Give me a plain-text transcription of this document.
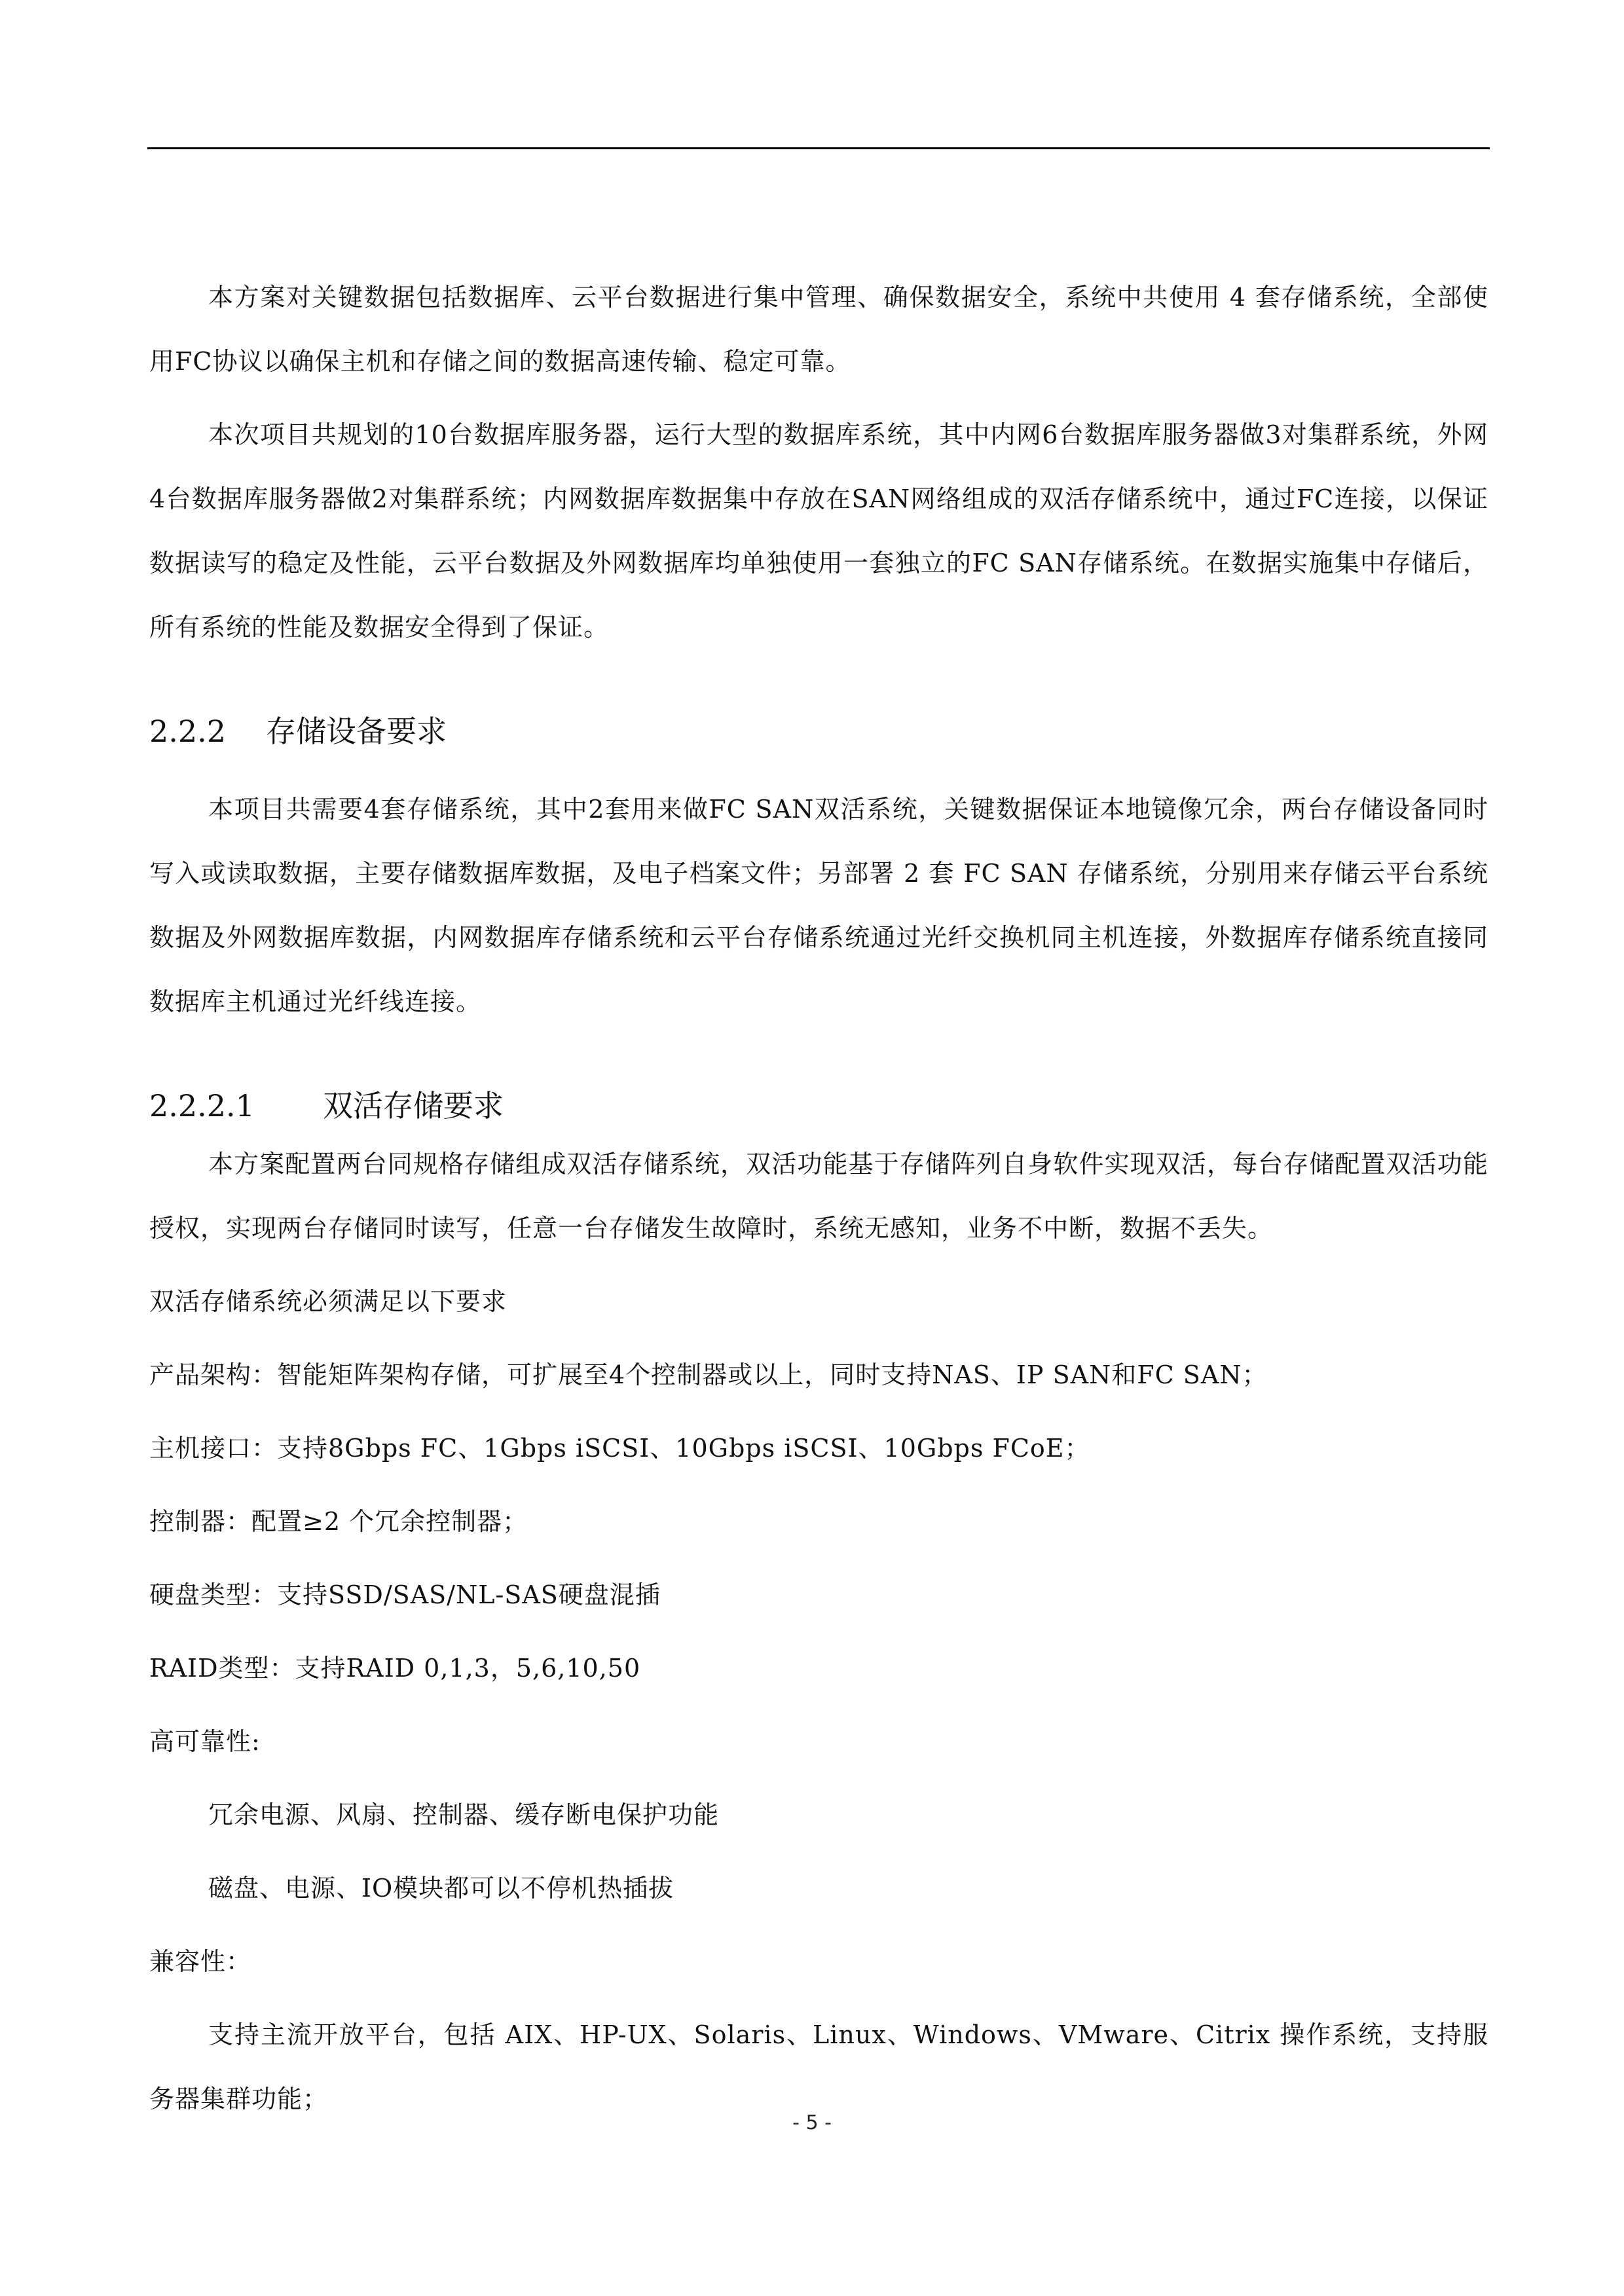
本方案对关键数据包括数据库、云平台数据进行集中管理、确保数据安全，系统中共使用 4 套存储系统，全部使用FC协议以确保主机和存储之间的数据高速传输、稳定可靠。

本次项目共规划的10台数据库服务器，运行大型的数据库系统，其中内网6台数据库服务器做3对集群系统，外网4台数据库服务器做2对集群系统；内网数据库数据集中存放在SAN网络组成的双活存储系统中，通过FC连接，以保证数据读写的稳定及性能，云平台数据及外网数据库均单独使用一套独立的FC SAN存储系统。在数据实施集中存储后，所有系统的性能及数据安全得到了保证。

2.2.2	存储设备要求

本项目共需要4套存储系统，其中2套用来做FC SAN双活系统，关键数据保证本地镜像冗余，两台存储设备同时写入或读取数据，主要存储数据库数据，及电子档案文件；另部署 2 套 FC SAN 存储系统，分别用来存储云平台系统数据及外网数据库数据，内网数据库存储系统和云平台存储系统通过光纤交换机同主机连接，外数据库存储系统直接同数据库主机通过光纤线连接。

2.2.2.1	双活存储要求

本方案配置两台同规格存储组成双活存储系统，双活功能基于存储阵列自身软件实现双活，每台存储配置双活功能授权，实现两台存储同时读写，任意一台存储发生故障时，系统无感知，业务不中断，数据不丢失。

双活存储系统必须满足以下要求

产品架构：智能矩阵架构存储，可扩展至4个控制器或以上，同时支持NAS、IP SAN和FC SAN；

主机接口：支持8Gbps FC、1Gbps iSCSI、10Gbps iSCSI、10Gbps FCoE；

控制器：配置≥2 个冗余控制器；

硬盘类型：支持SSD/SAS/NL-SAS硬盘混插

RAID类型：支持RAID 0,1,3，5,6,10,50

高可靠性:

冗余电源、风扇、控制器、缓存断电保护功能

磁盘、电源、IO模块都可以不停机热插拔

兼容性：

支持主流开放平台，包括 AIX、HP-UX、Solaris、Linux、Windows、VMware、Citrix 操作系统，支持服务器集群功能；

- 5 -
